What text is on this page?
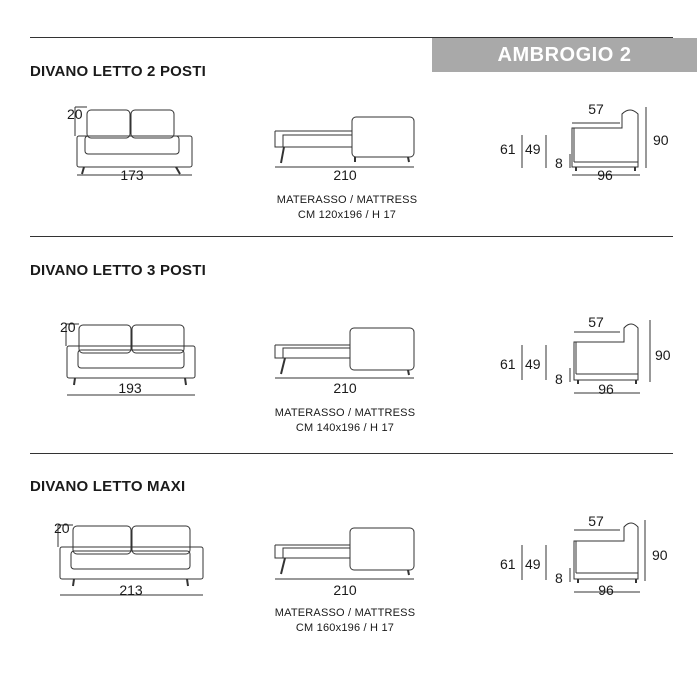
AMBROGIO 2
DIVANO LETTO 2 POSTI
20
173	210
57
90
61 49
8
96
MATERASSO / MATTRESS
CM 120x196 / H 17
DIVANO LETTO 3 POSTI
20
193	210
57
90
61 49
8
96
MATERASSO / MATTRESS
CM 140x196 / H 17
DIVANO LETTO MAXI
20
213	210
57
90
61 49
8
96
MATERASSO / MATTRESS
CM 160x196 / H 17
